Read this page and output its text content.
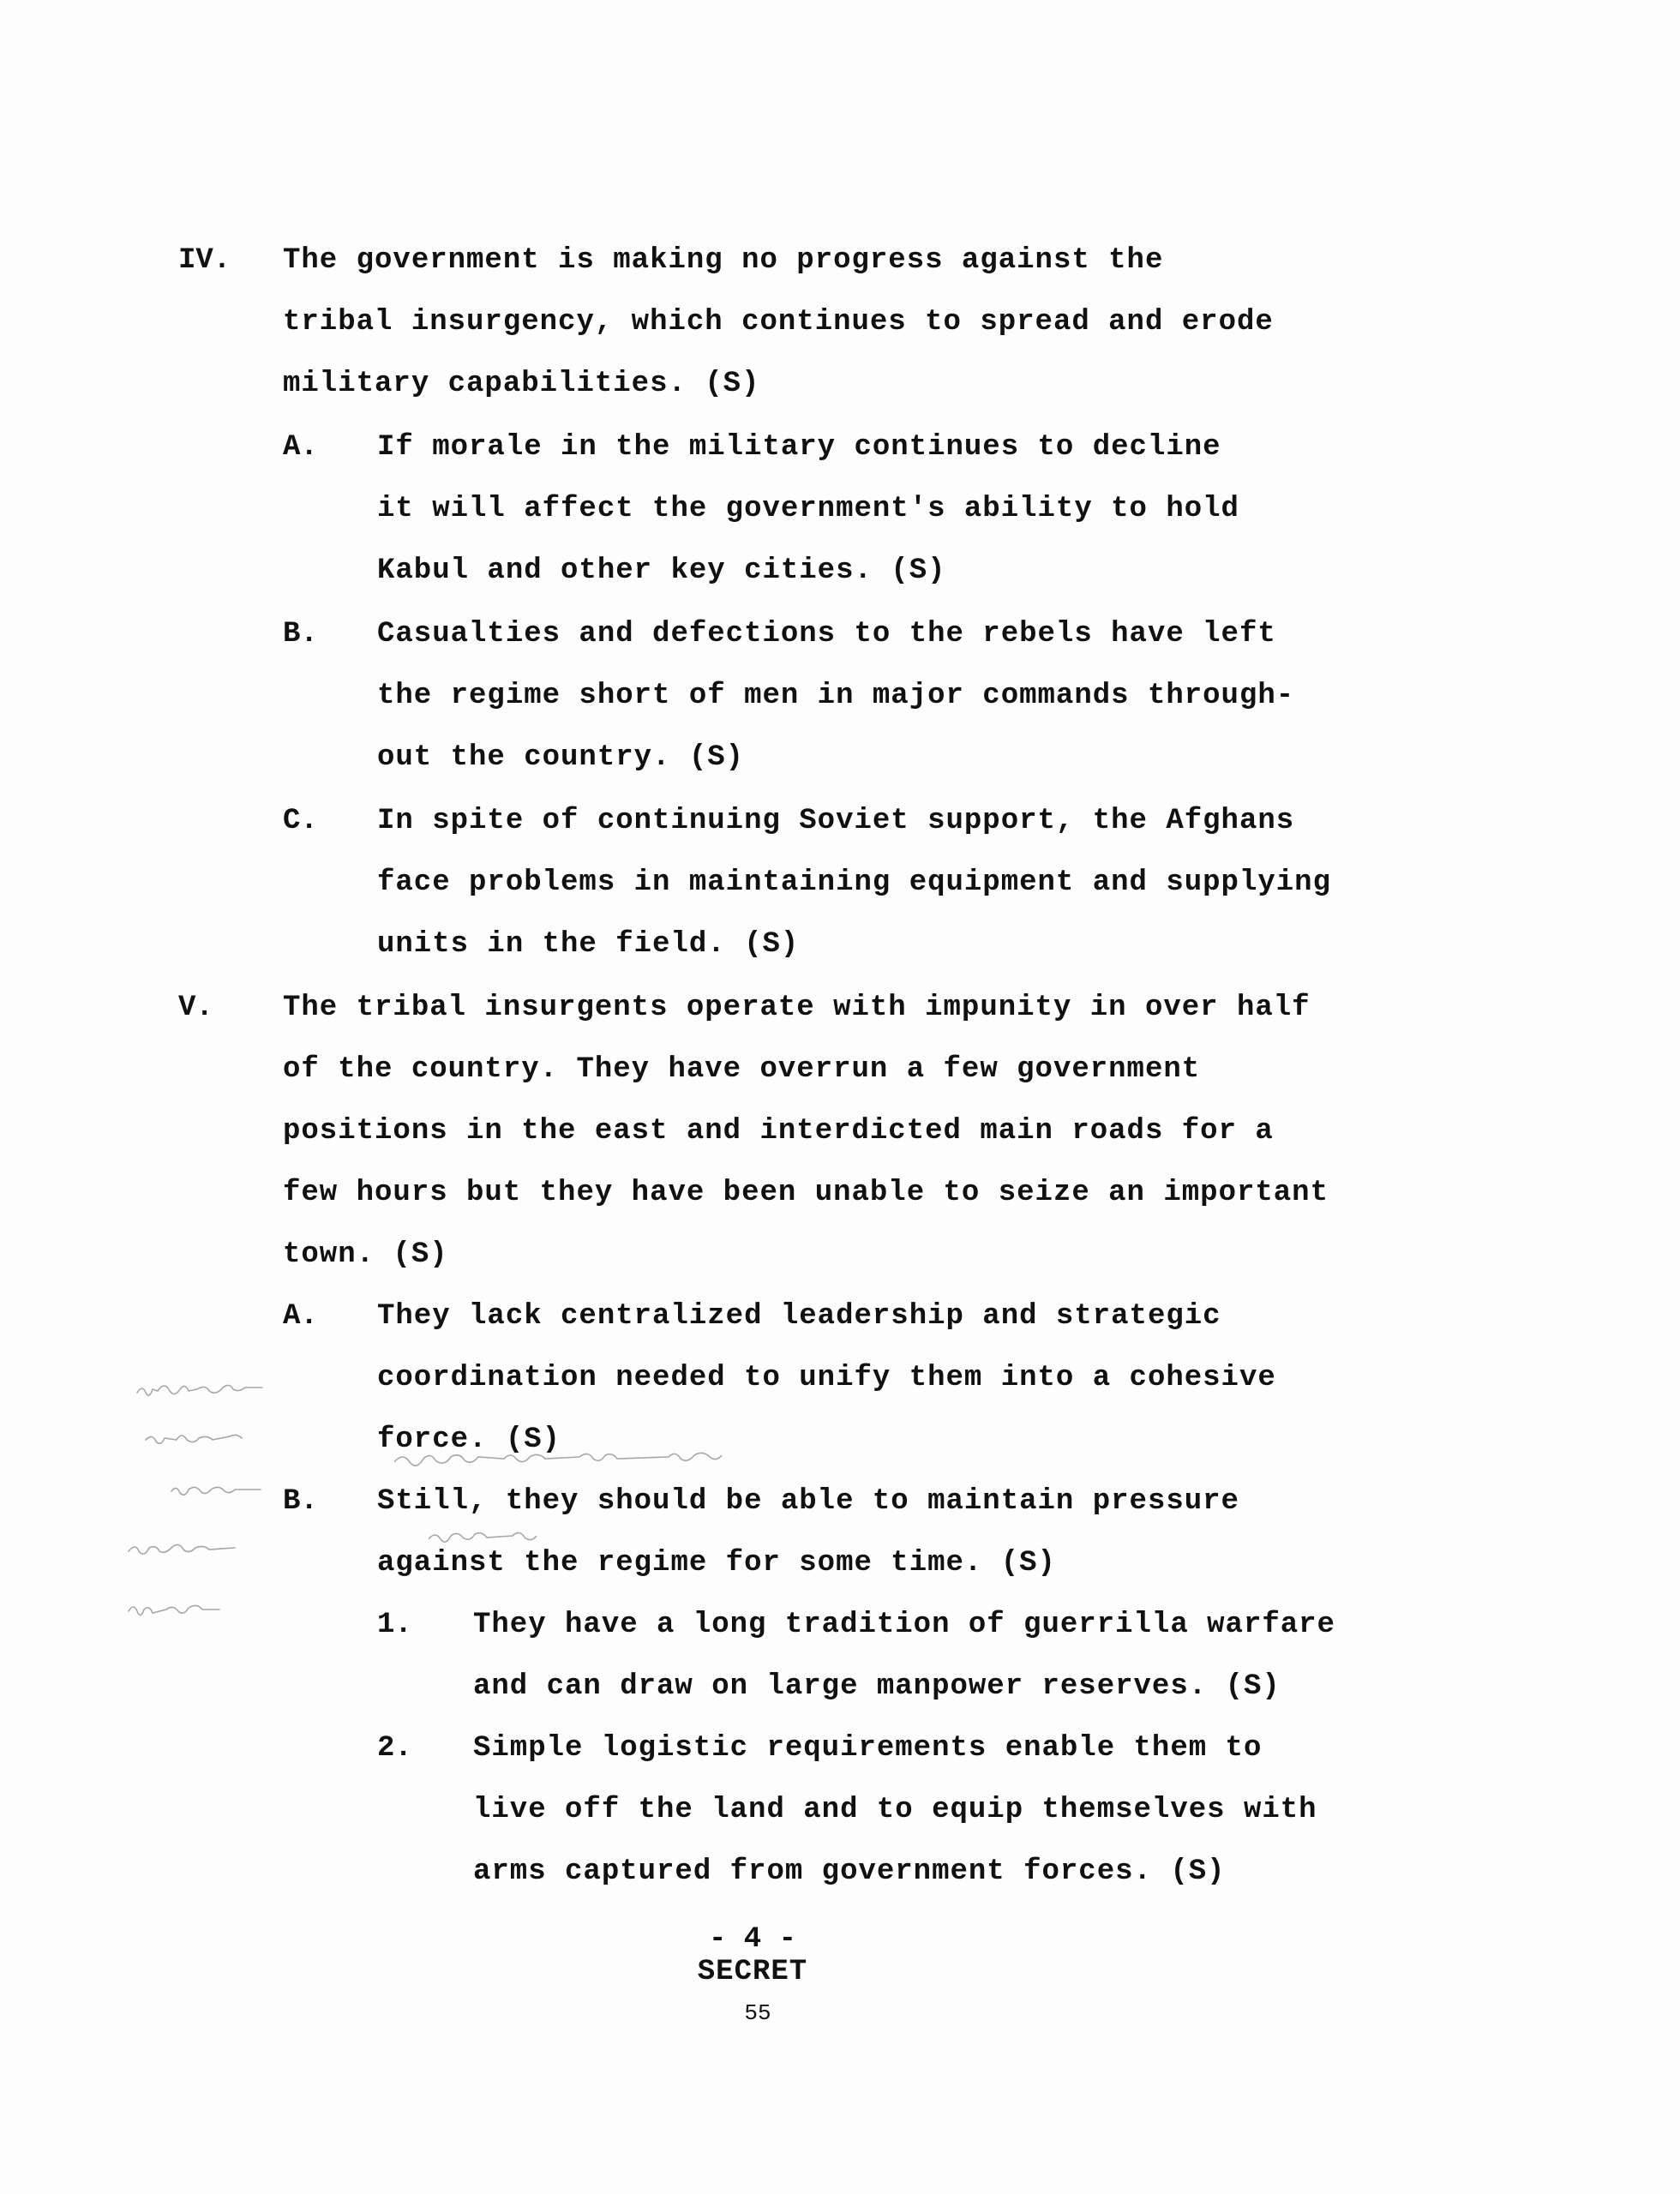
IV. The government is making no progress against the
tribal insurgency, which continues to spread and erode
military capabilities. (S)
A. If morale in the military continues to decline
it will affect the government's ability to hold
Kabul and other key cities. (S)
B. Casualties and defections to the rebels have left
the regime short of men in major commands through-
out the country. (S)
C. In spite of continuing Soviet support, the Afghans
face problems in maintaining equipment and supplying
units in the field. (S)
V. The tribal insurgents operate with impunity in over half
of the country. They have overrun a few government
positions in the east and interdicted main roads for a
few hours but they have been unable to seize an important
town. (S)
A. They lack centralized leadership and strategic
coordination needed to unify them into a cohesive
force. (S)
B. Still, they should be able to maintain pressure
against the regime for some time. (S)
1. They have a long tradition of guerrilla warfare
and can draw on large manpower reserves. (S)
2. Simple logistic requirements enable them to
live off the land and to equip themselves with
arms captured from government forces. (S)
- 4 -
SECRET
55
